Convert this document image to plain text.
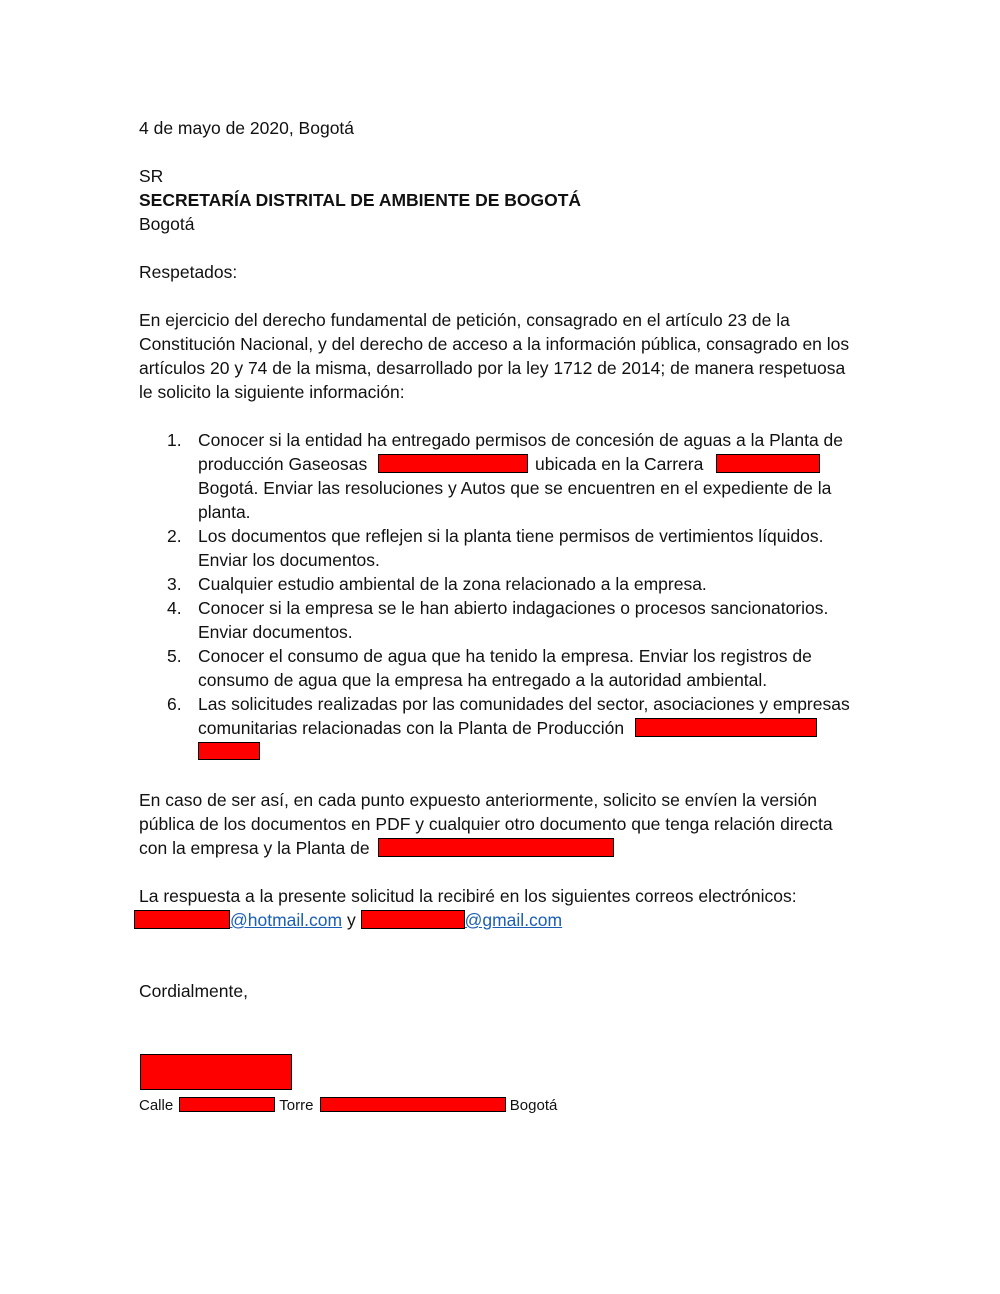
4 de mayo de 2020, Bogotá
SR
SECRETARÍA DISTRITAL DE AMBIENTE DE BOGOTÁ
Bogotá
Respetados:
En ejercicio del derecho fundamental de petición, consagrado en el artículo 23 de la
Constitución Nacional, y del derecho de acceso a la información pública, consagrado en los
artículos 20 y 74 de la misma, desarrollado por la ley 1712 de 2014; de manera respetuosa
le solicito la siguiente información:
1. Conocer si la entidad ha entregado permisos de concesión de aguas a la Planta de
producción Gaseosas	ubicada en la Carrera
Bogotá. Enviar las resoluciones y Autos que se encuentren en el expediente de la
planta.
2. Los documentos que reflejen si la planta tiene permisos de vertimientos líquidos.
Enviar los documentos.
3. Cualquier estudio ambiental de la zona relacionado a la empresa.
4. Conocer si la empresa se le han abierto indagaciones o procesos sancionatorios.
Enviar documentos.
5. Conocer el consumo de agua que ha tenido la empresa. Enviar los registros de
consumo de agua que la empresa ha entregado a la autoridad ambiental.
6. Las solicitudes realizadas por las comunidades del sector, asociaciones y empresas
comunitarias relacionadas con la Planta de Producción
En caso de ser así, en cada punto expuesto anteriormente, solicito se envíen la versión
pública de los documentos en PDF y cualquier otro documento que tenga relación directa
con la empresa y la Planta de
La respuesta a la presente solicitud la recibiré en los siguientes correos electrónicos:
@hotmail.com y	@gmail.com
Cordialmente,
Calle	Torre	Bogotá
